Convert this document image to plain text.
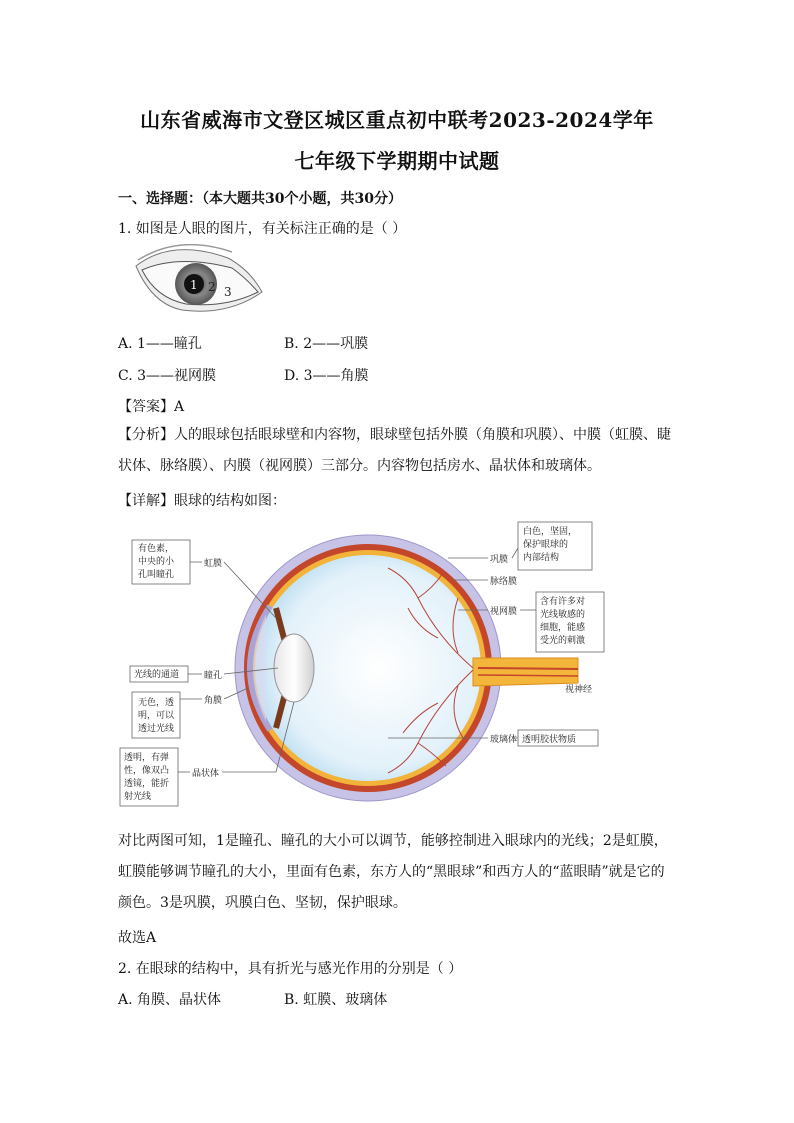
山东省威海市文登区城区重点初中联考2023-2024学年
七年级下学期期中试题
一、选择题：（本大题共30个小题，共30分）
1. 如图是人眼的图片，有关标注正确的是（ ）
1 2 3
A. 1——瞳孔	B. 2——巩膜
C. 3——视网膜	D. 3——角膜
【答案】A
【分析】人的眼球包括眼球壁和内容物，眼球壁包括外膜（角膜和巩膜）、中膜（虹膜、睫状体、脉络膜）、内膜（视网膜）三部分。内容物包括房水、晶状体和玻璃体。
【详解】眼球的结构如图：
有色素，
中央的小
孔叫瞳孔
虹膜
光线的通道	瞳孔
无色，透
明，可以
透过光线
角膜
透明，有弹
性，像双凸
透镜，能折
射光线
晶状体
巩膜
白色，坚固，
保护眼球的
内部结构
脉络膜
视网膜
含有许多对
光线敏感的
细胞，能感
受光的刺激
视神经
玻璃体 透明胶状物质
对比两图可知，1是瞳孔、瞳孔的大小可以调节，能够控制进入眼球内的光线；2是虹膜，虹膜能够调节瞳孔的大小，里面有色素，东方人的“黑眼球”和西方人的“蓝眼睛”就是它的颜色。3是巩膜，巩膜白色、坚韧，保护眼球。
故选A
2. 在眼球的结构中，具有折光与感光作用的分别是（ ）
A. 角膜、晶状体	B. 虹膜、玻璃体
